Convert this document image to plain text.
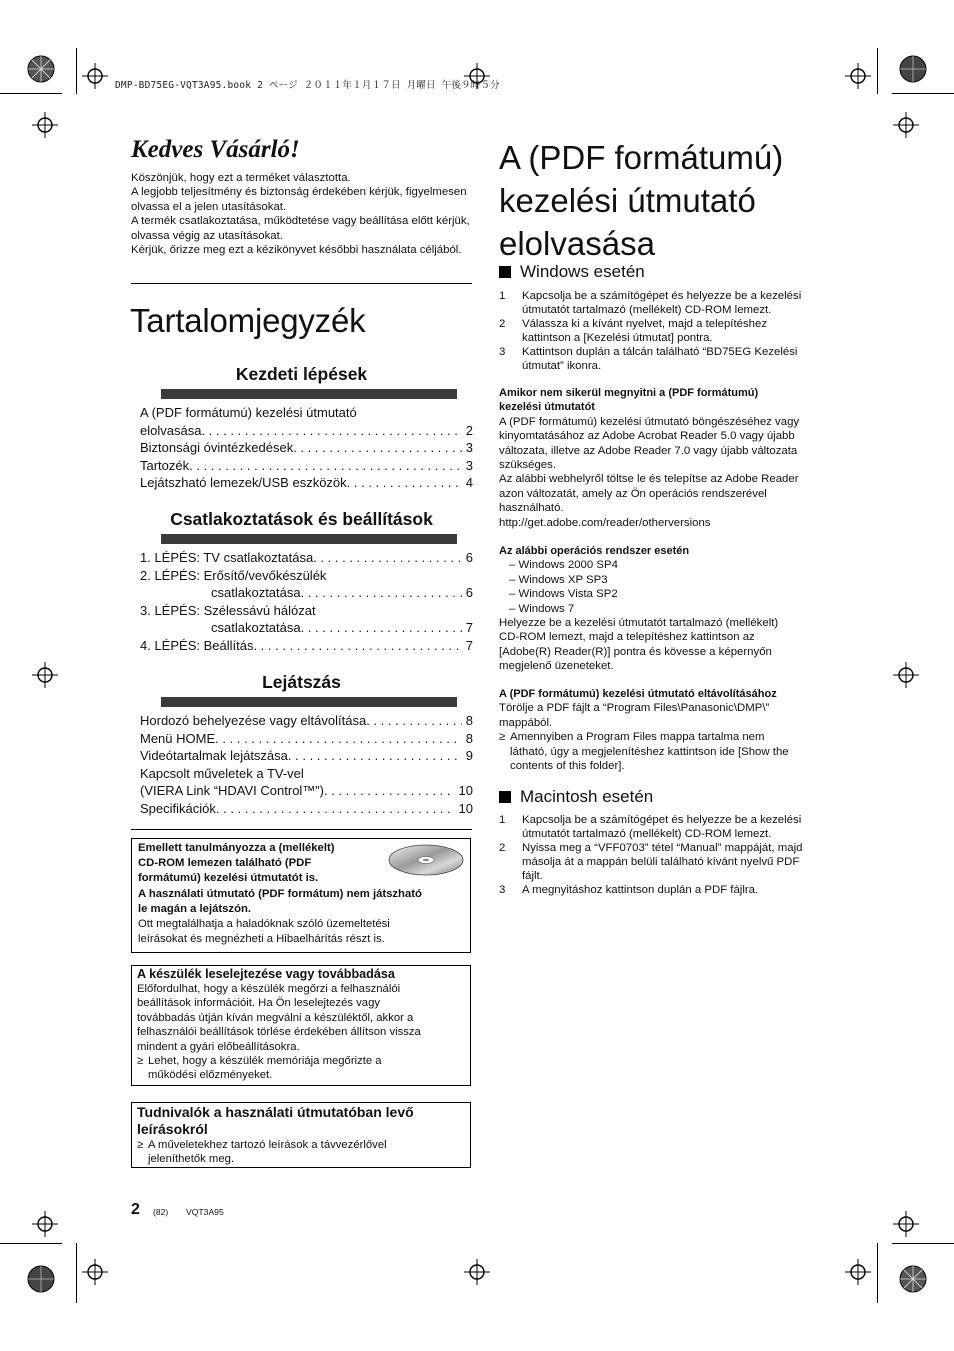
DMP-BD75EG-VQT3A95.book 2 ページ ２０１１年１月１７日 月曜日 午後９時５分
Kedves Vásárló!
Köszönjük, hogy ezt a terméket választotta.
A legjobb teljesítmény és biztonság érdekében kérjük, figyelmesen olvassa el a jelen utasításokat.
A termék csatlakoztatása, működtetése vagy beállítása előtt kérjük, olvassa végig az utasításokat.
Kérjük, őrizze meg ezt a kézikönyvet későbbi használata céljából.
Tartalomjegyzék
Kezdeti lépések
A (PDF formátumú) kezelési útmutató
elolvasása . . .	2
Biztonsági óvintézkedések . . .	3
Tartozék . . .	3
Lejátszható lemezek/USB eszközök . . .	4
Csatlakoztatások és beállítások
1. LÉPÉS: TV csatlakoztatása . . .	6
2. LÉPÉS: Erősítő/vevőkészülék
csatlakoztatása . . .	6
3. LÉPÉS: Szélessávú hálózat
csatlakoztatása . . .	7
4. LÉPÉS: Beállítás . . .	7
Lejátszás
Hordozó behelyezése vagy eltávolítása . . .	8
Menü HOME . . .	8
Videótartalmak lejátszása . . .	9
Kapcsolt műveletek a TV-vel
(VIERA Link “HDAVI Control™”) . . .	10
Specifikációk . . .	10
Emellett tanulmányozza a (mellékelt)
CD-ROM lemezen található (PDF
formátumú) kezelési útmutatót is.
A használati útmutató (PDF formátum) nem játszható
le magán a lejátszón.
Ott megtalálhatja a haladóknak szóló üzemeltetési
leírásokat és megnézheti a Hibaelhárítás részt is.
A készülék leselejtezése vagy továbbadása
Előfordulhat, hogy a készülék megőrzi a felhasználói
beállítások információit. Ha Ön leselejtezés vagy
továbbadás útján kíván megválni a készüléktől, akkor a
felhasználói beállítások törlése érdekében állítson vissza
mindent a gyári előbeállításokra.
≥ Lehet, hogy a készülék memóriája megőrizte a
működési előzményeket.
Tudnivalók a használati útmutatóban levő
leírásokról
≥ A műveletekhez tartozó leírások a távvezérlővel
jeleníthetők meg.
2 (82) VQT3A95
A (PDF formátumú)
kezelési útmutató
elolvasása
Windows esetén
1	Kapcsolja be a számítógépet és helyezze be a kezelési
útmutatót tartalmazó (mellékelt) CD-ROM lemezt.
2	Válassza ki a kívánt nyelvet, majd a telepítéshez
kattintson a [Kezelési útmutat] pontra.
3	Kattintson duplán a tálcán található “BD75EG Kezelési
útmutat” ikonra.
Amikor nem sikerül megnyitni a (PDF formátumú)
kezelési útmutatót
A (PDF formátumú) kezelési útmutató böngészéséhez vagy
kinyomtatásához az Adobe Acrobat Reader 5.0 vagy újabb
változata, illetve az Adobe Reader 7.0 vagy újabb változata
szükséges.
Az alábbi webhelyről töltse le és telepítse az Adobe Reader
azon változatát, amely az Ön operációs rendszerével
használható.
http://get.adobe.com/reader/otherversions
Az alábbi operációs rendszer esetén
– Windows 2000 SP4
– Windows XP SP3
– Windows Vista SP2
– Windows 7
Helyezze be a kezelési útmutatót tartalmazó (mellékelt)
CD-ROM lemezt, majd a telepítéshez kattintson az
[Adobe(R) Reader(R)] pontra és kövesse a képernyőn
megjelenő üzeneteket.
A (PDF formátumú) kezelési útmutató eltávolításához
Törölje a PDF fájlt a “Program Files\Panasonic\DMP\”
mappából.
≥ Amennyiben a Program Files mappa tartalma nem
látható, úgy a megjelenítéshez kattintson ide [Show the
contents of this folder].
Macintosh esetén
1	Kapcsolja be a számítógépet és helyezze be a kezelési
útmutatót tartalmazó (mellékelt) CD-ROM lemezt.
2	Nyissa meg a “VFF0703” tétel “Manual” mappáját, majd
másolja át a mappán belüli található kívánt nyelvű PDF
fájlt.
3	A megnyitáshoz kattintson duplán a PDF fájlra.
